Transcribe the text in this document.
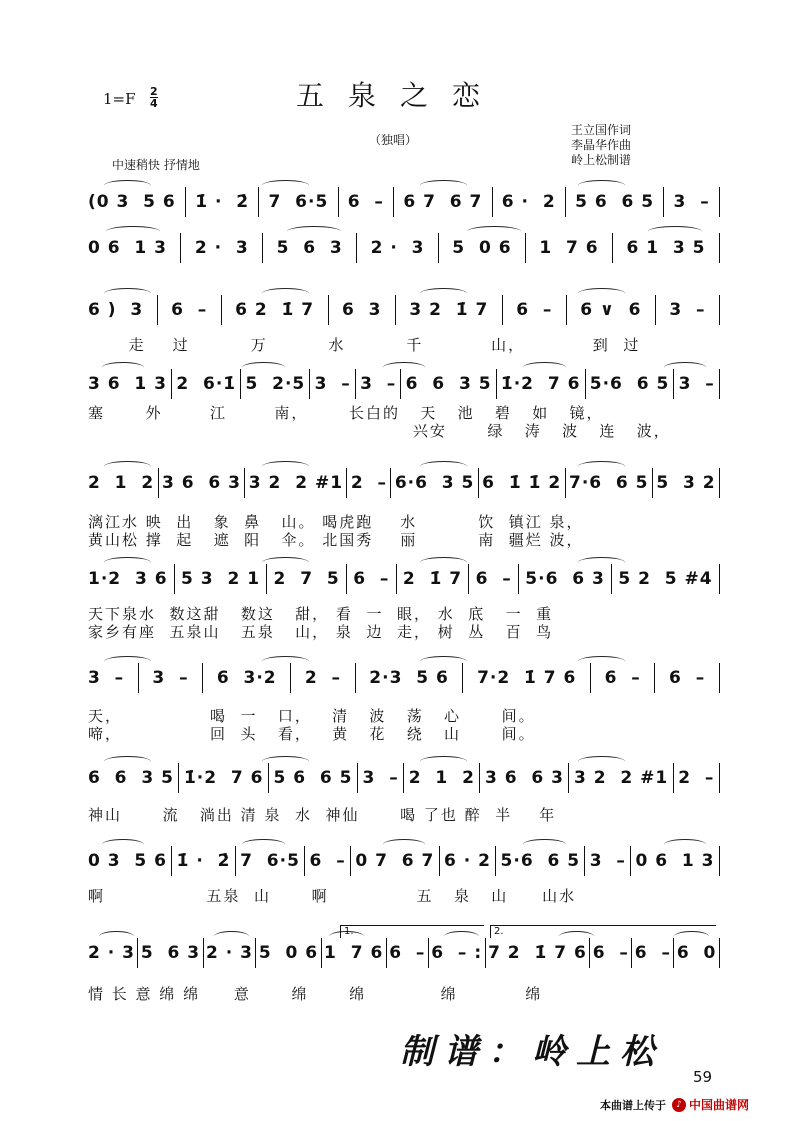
$1=F \frac{2}{4}$	五泉之恋
（独唱）
王立国作词
李晶华作曲
岭上松制谱
中速稍快 抒情地
(0 3  5 6 1̇ ·  2̇ 7  6·5 6  – 6 7  6 7 6 ·  2 5 6  6 5 3  –
0 6  1 3 2 ·  3 5  6  3 2 ·  3 5  0 6 1  7 6 6 1  3 5
6 )  3 6  – 6 2  1̇ 7 6  3 3 2  1̇ 7 6  – 6 ∨  6 3  –
走    过         万         水         千          山，          到  过
3 6  1 3 2  6·1̇ 5  2·5 3  – 3  – 6  6  3 5 1̇·2  7 6 5·6  6 5 3  –
塞      外       江       南，      长白的   天   池   碧   如   镜，
兴安      绿   涛   波   连   波，
2  1  2 3 6  6 3 3 2  2 #1 2  – 6·6  3 5 6  1̇ 1̇ 2 7·6  6 5 5  3 2
漓江水 映  出   象  鼻   山。 喝虎跑    水         饮  镇江 泉，
黄山松 撑  起   遮  阳   伞。 北国秀    丽         南  疆烂 波，
1·2  3 6 5 3  2 1 2  7  5 6  – 2  1̇ 7 6  – 5·6  6 3 5 2  5 #4
天下泉水  数这甜   数这   甜， 看  一  眼， 水  底   一  重
家乡有座  五泉山   五泉   山， 泉  边  走， 树  丛   百  鸟
3  – 3  – 6  3·2 2  – 2·3  5 6 7·2  1̇ 7 6 6  – 6  –
天，             喝  一   口，   清   波   荡   心      间。
啼，             回  头   看，   黄   花   绕   山      间。
6  6  3 5 1̇·2  7 6 5 6  6 5 3  – 2  1  2 3 6  6 3 3 2  2 #1 2  –
神山      流   淌出 清 泉  水  神仙      喝 了也 醉  半    年
0 3  5 6 1̇ ·  2̇ 7  6·5 6  – 0 7  6 7 6 · 2 5·6  6 5 3  – 0 6  1 3
啊               五泉  山      啊             五   泉   山     山水
2 · 3 5  6 3 2 · 3 5  0 6 1  7 6 6  – 6  – : 7 2  1̇ 7 6 6  – 6  – 6  0
1.	2.
情 长 意 绵 绵     意      绵      绵           绵          绵
制谱：岭上松
59
本曲谱上传于	♪ 中国曲谱网
